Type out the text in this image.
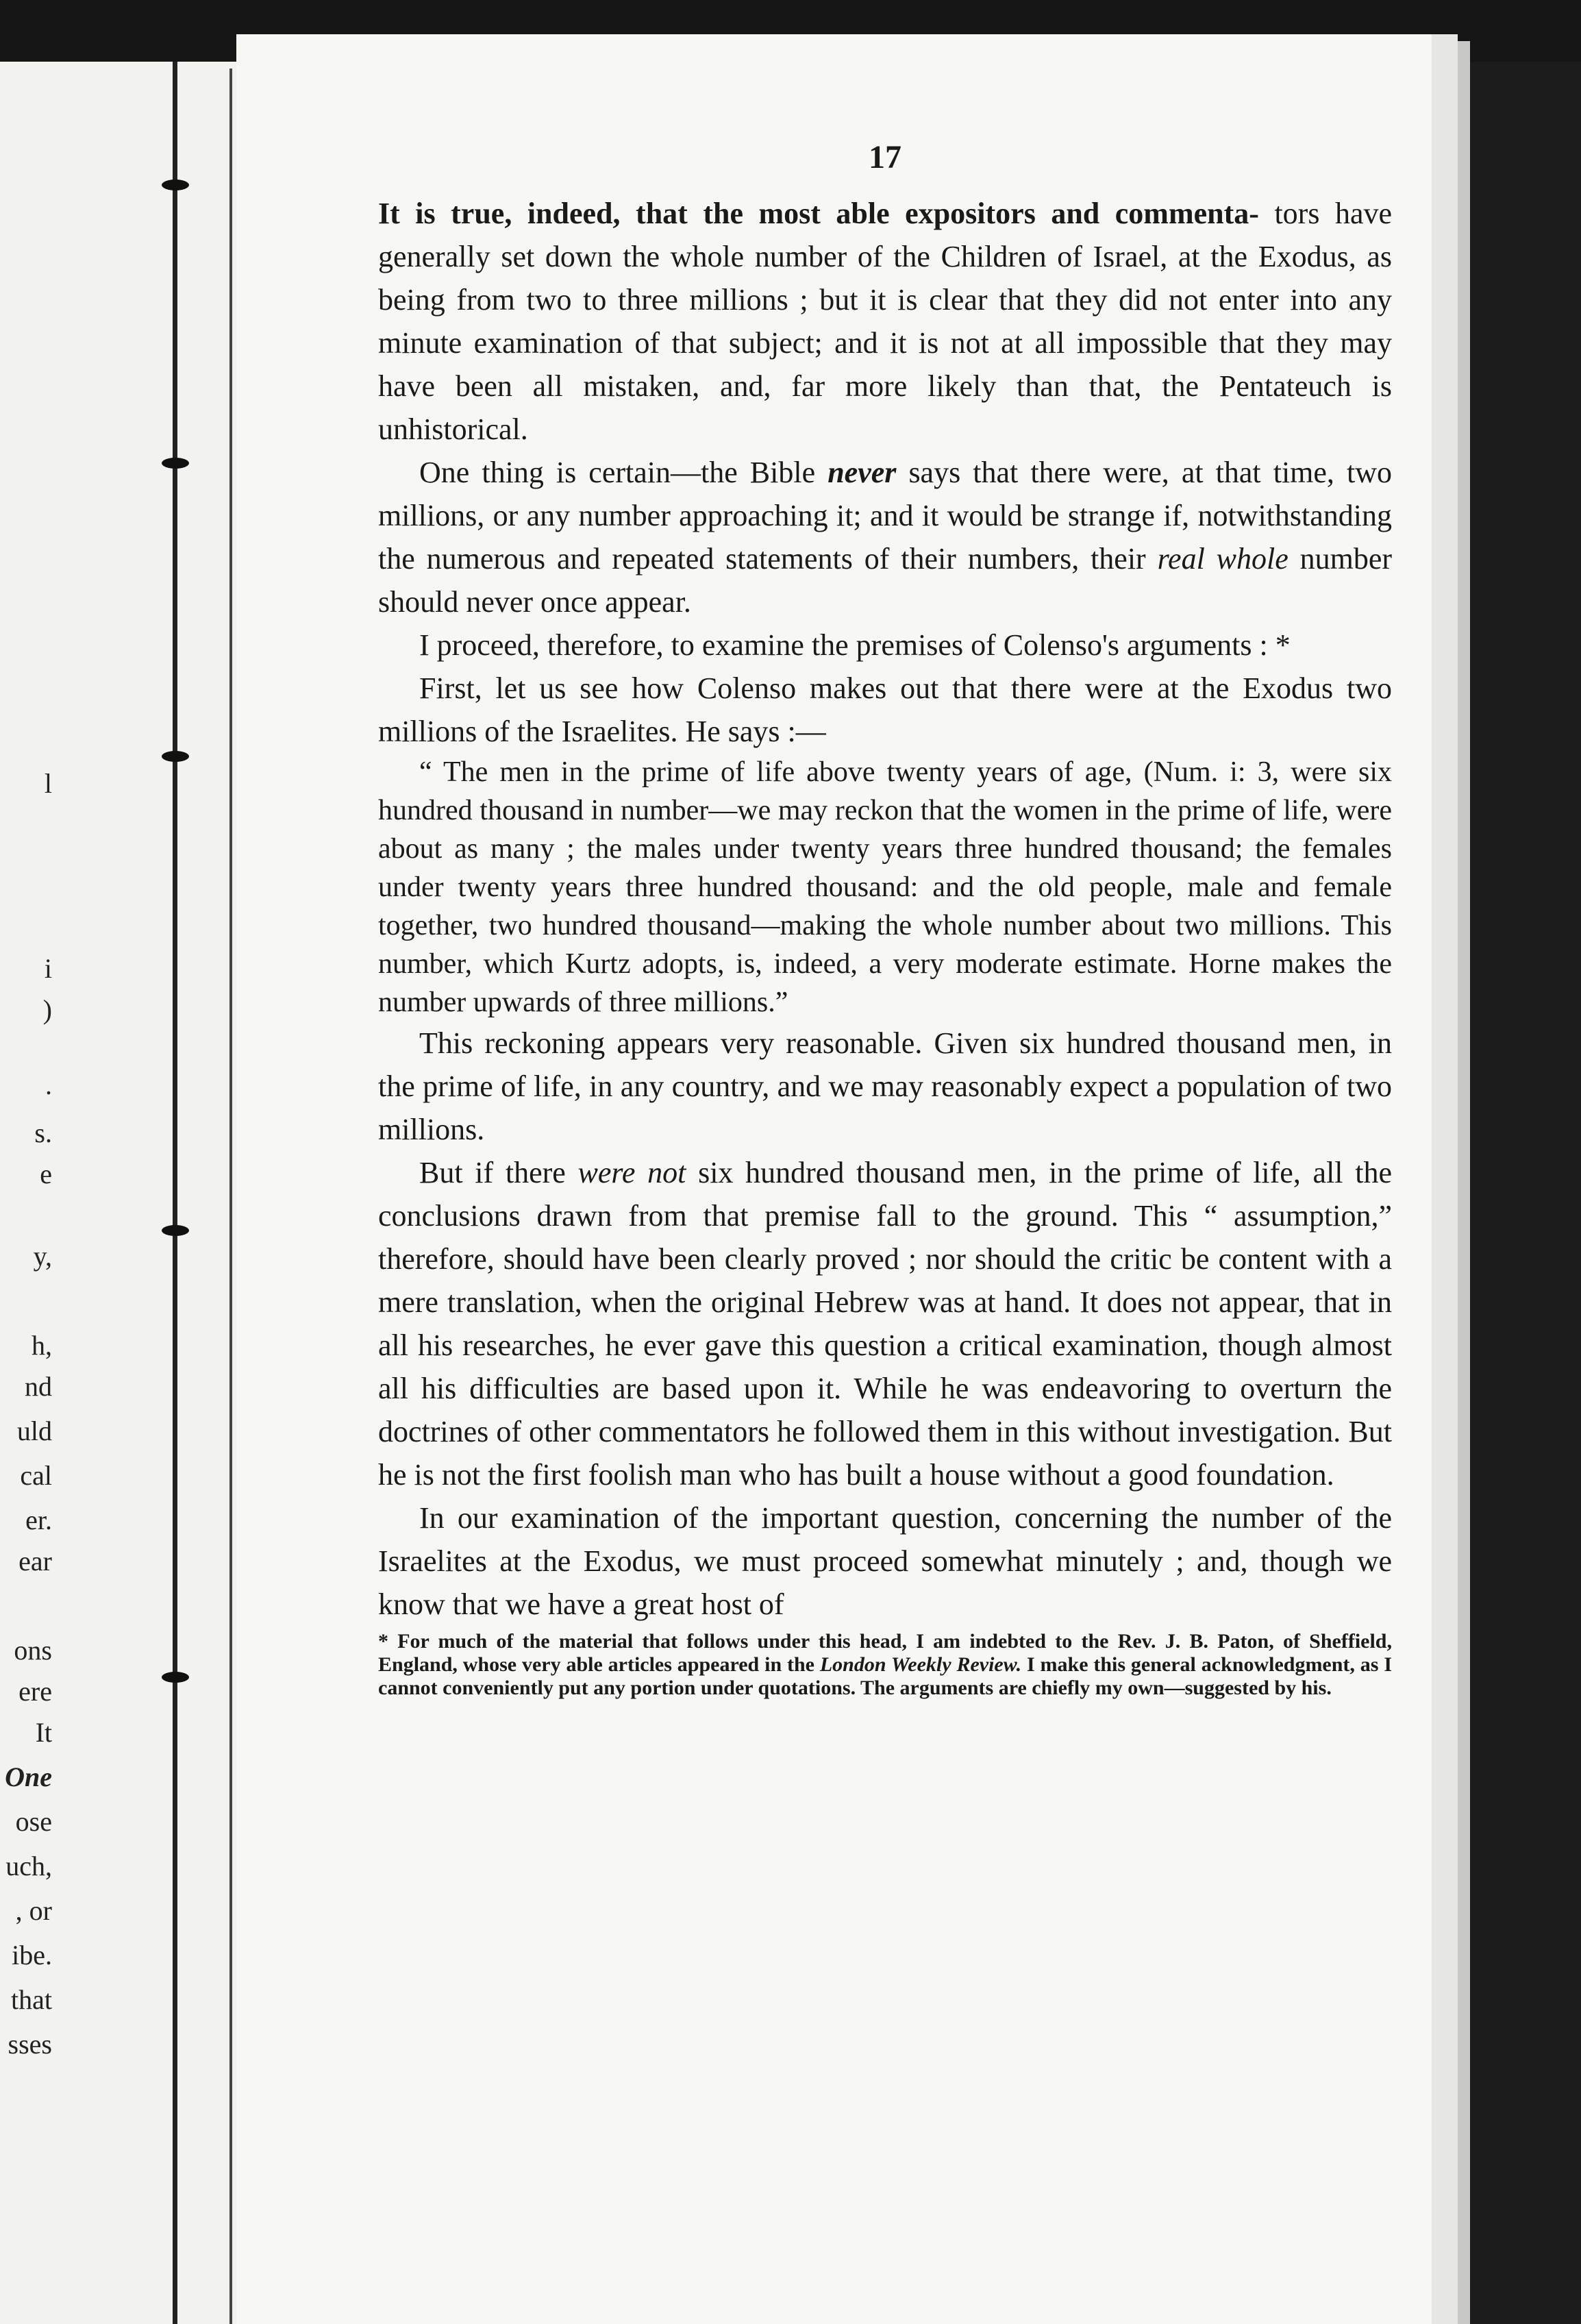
l
i
)
.
s.
e
y,
h,
nd
uld
cal
er.
ear
ons
ere
It
One
ose
uch,
, or
ibe.
that
sses
17

It is true, indeed, that the most able expositors and commenta- tors have generally set down the whole number of the Children of Israel, at the Exodus, as being from two to three millions ; but it is clear that they did not enter into any minute examination of that subject; and it is not at all impossible that they may have been all mistaken, and, far more likely than that, the Pentateuch is unhistorical.

One thing is certain—the Bible never says that there were, at that time, two millions, or any number approaching it; and it would be strange if, notwithstanding the numerous and repeated statements of their numbers, their real whole number should never once appear.

I proceed, therefore, to examine the premises of Colenso's arguments : *

First, let us see how Colenso makes out that there were at the Exodus two millions of the Israelites. He says :—

“ The men in the prime of life above twenty years of age, (Num. i: 3, were six hundred thousand in number—we may reckon that the women in the prime of life, were about as many ; the males under twenty years three hundred thousand; the females under twenty years three hundred thousand: and the old people, male and female together, two hundred thousand—making the whole number about two millions. This number, which Kurtz adopts, is, indeed, a very moderate estimate. Horne makes the number upwards of three millions.”

This reckoning appears very reasonable. Given six hundred thousand men, in the prime of life, in any country, and we may reasonably expect a population of two millions.

But if there were not six hundred thousand men, in the prime of life, all the conclusions drawn from that premise fall to the ground. This “ assumption,” therefore, should have been clearly proved ; nor should the critic be content with a mere translation, when the original Hebrew was at hand. It does not appear, that in all his researches, he ever gave this question a critical examination, though almost all his difficulties are based upon it. While he was endeavoring to overturn the doctrines of other commentators he followed them in this without investigation. But he is not the first foolish man who has built a house without a good foundation.

In our examination of the important question, concerning the number of the Israelites at the Exodus, we must proceed somewhat minutely ; and, though we know that we have a great host of

* For much of the material that follows under this head, I am indebted to the Rev. J. B. Paton, of Sheffield, England, whose very able articles appeared in the London Weekly Review. I make this general acknowledgment, as I cannot conveniently put any portion under quotations. The arguments are chiefly my own—suggested by his.
